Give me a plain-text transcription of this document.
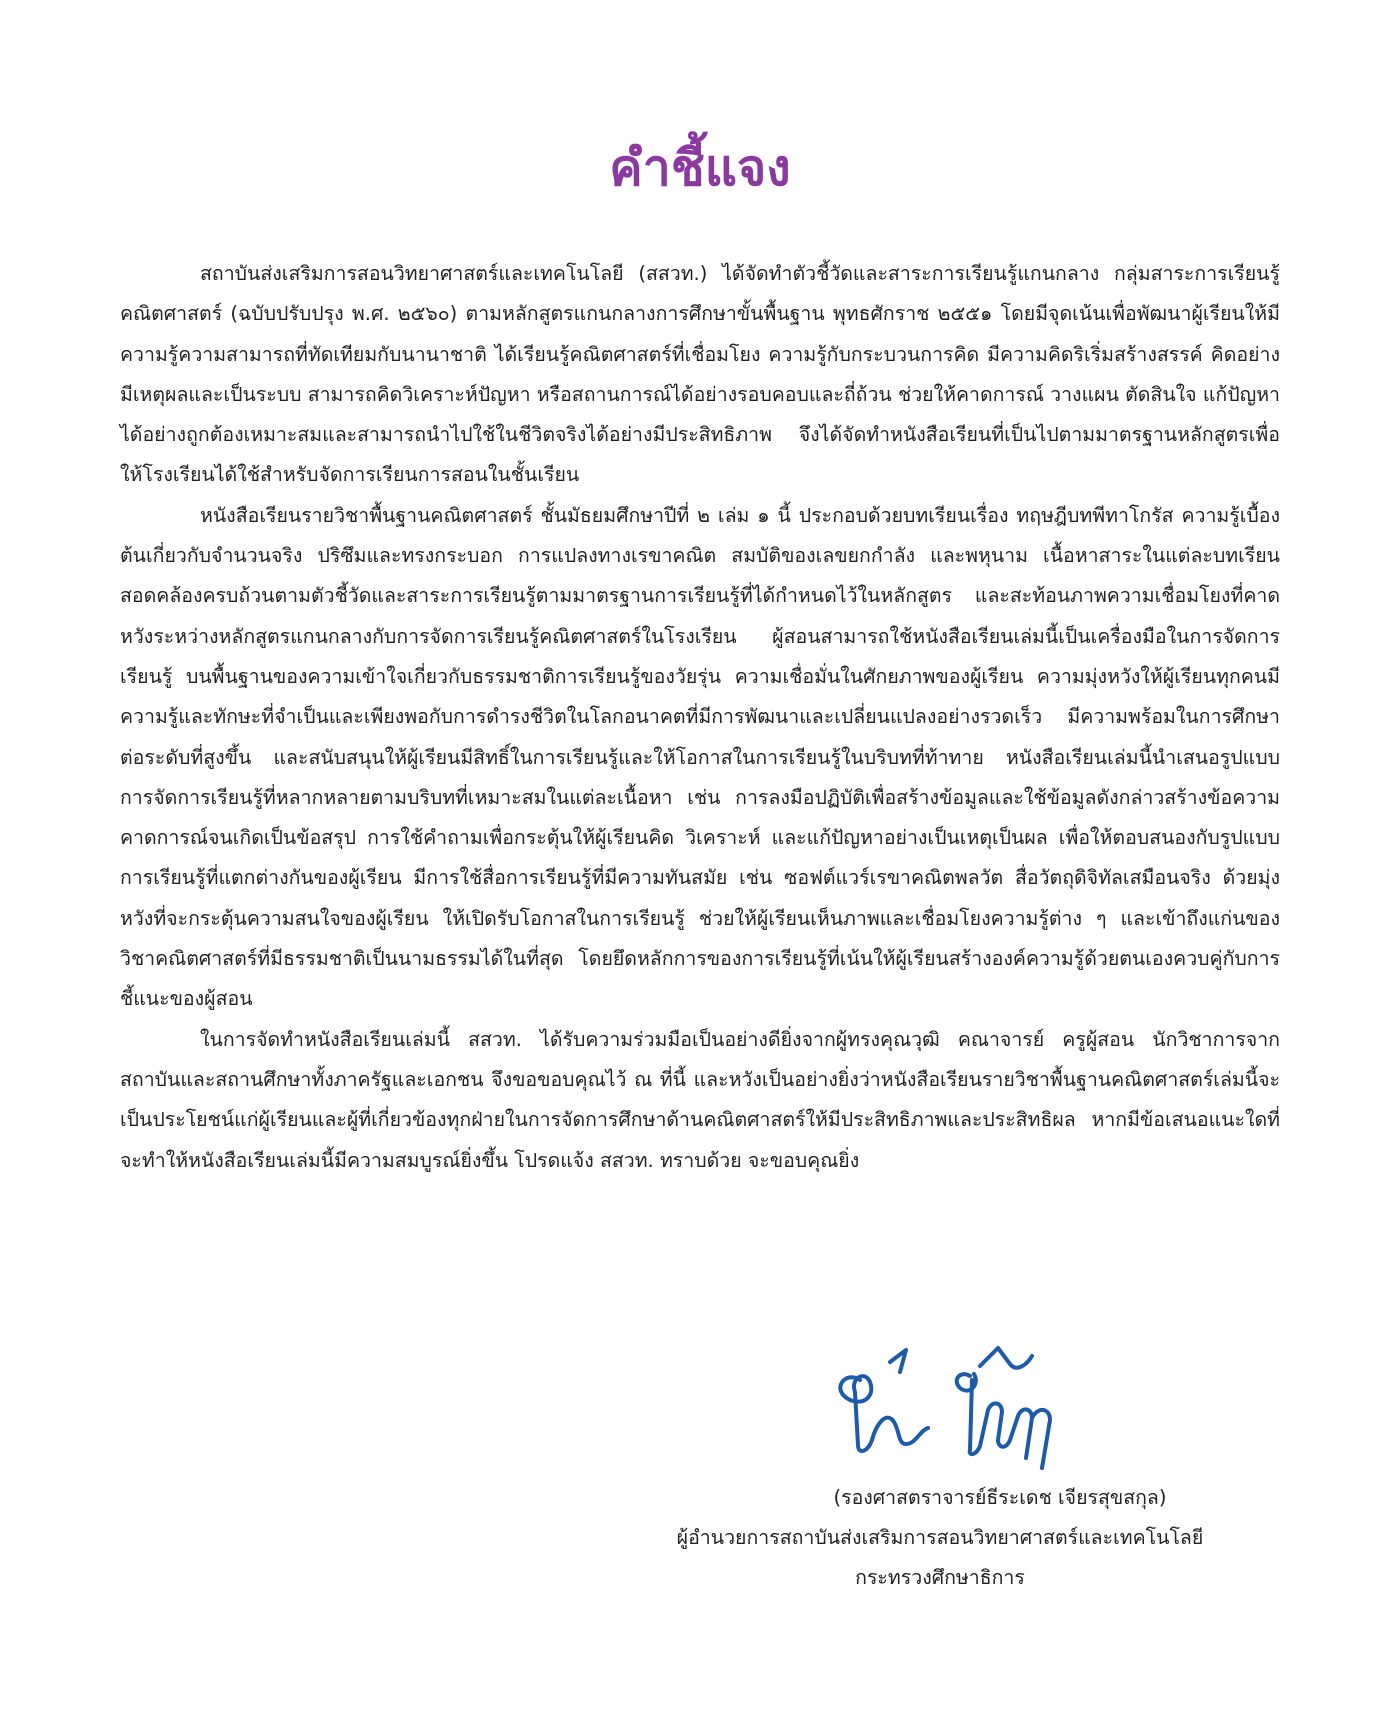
คำชี้แจง

สถาบันส่งเสริมการสอนวิทยาศาสตร์และเทคโนโลยี (สสวท.) ได้จัดทำตัวชี้วัดและสาระการเรียนรู้แกนกลาง กลุ่มสาระการเรียนรู้คณิตศาสตร์ (ฉบับปรับปรุง พ.ศ. ๒๕๖๐) ตามหลักสูตรแกนกลางการศึกษาขั้นพื้นฐาน พุทธศักราช ๒๕๕๑ โดยมีจุดเน้นเพื่อพัฒนาผู้เรียนให้มีความรู้ความสามารถที่ทัดเทียมกับนานาชาติ ได้เรียนรู้คณิตศาสตร์ที่เชื่อมโยง ความรู้กับกระบวนการคิด มีความคิดริเริ่มสร้างสรรค์ คิดอย่างมีเหตุผลและเป็นระบบ สามารถคิดวิเคราะห์ปัญหา หรือสถานการณ์ได้อย่างรอบคอบและถี่ถ้วน ช่วยให้คาดการณ์ วางแผน ตัดสินใจ แก้ปัญหา ได้อย่างถูกต้องเหมาะสมและสามารถนำไปใช้ในชีวิตจริงได้อย่างมีประสิทธิภาพ จึงได้จัดทำหนังสือเรียนที่เป็นไปตามมาตรฐานหลักสูตรเพื่อให้โรงเรียนได้ใช้สำหรับจัดการเรียนการสอนในชั้นเรียน

หนังสือเรียนรายวิชาพื้นฐานคณิตศาสตร์ ชั้นมัธยมศึกษาปีที่ ๒ เล่ม ๑ นี้ ประกอบด้วยบทเรียนเรื่อง ทฤษฎีบทพีทาโกรัส ความรู้เบื้องต้นเกี่ยวกับจำนวนจริง ปริซึมและทรงกระบอก การแปลงทางเรขาคณิต สมบัติของเลขยกกำลัง และพหุนาม เนื้อหาสาระในแต่ละบทเรียนสอดคล้องครบถ้วนตามตัวชี้วัดและสาระการเรียนรู้ตามมาตรฐานการเรียนรู้ที่ได้กำหนดไว้ในหลักสูตร และสะท้อนภาพความเชื่อมโยงที่คาดหวังระหว่างหลักสูตรแกนกลางกับการจัดการเรียนรู้คณิตศาสตร์ในโรงเรียน ผู้สอนสามารถใช้หนังสือเรียนเล่มนี้เป็นเครื่องมือในการจัดการเรียนรู้ บนพื้นฐานของความเข้าใจเกี่ยวกับธรรมชาติการเรียนรู้ของวัยรุ่น ความเชื่อมั่นในศักยภาพของผู้เรียน ความมุ่งหวังให้ผู้เรียนทุกคนมีความรู้และทักษะที่จำเป็นและเพียงพอกับการดำรงชีวิตในโลกอนาคตที่มีการพัฒนาและเปลี่ยนแปลงอย่างรวดเร็ว มีความพร้อมในการศึกษาต่อระดับที่สูงขึ้น และสนับสนุนให้ผู้เรียนมีสิทธิ์ในการเรียนรู้และให้โอกาสในการเรียนรู้ในบริบทที่ท้าทาย หนังสือเรียนเล่มนี้นำเสนอรูปแบบการจัดการเรียนรู้ที่หลากหลายตามบริบทที่เหมาะสมในแต่ละเนื้อหา เช่น การลงมือปฏิบัติเพื่อสร้างข้อมูลและใช้ข้อมูลดังกล่าวสร้างข้อความคาดการณ์จนเกิดเป็นข้อสรุป การใช้คำถามเพื่อกระตุ้นให้ผู้เรียนคิด วิเคราะห์ และแก้ปัญหาอย่างเป็นเหตุเป็นผล เพื่อให้ตอบสนองกับรูปแบบการเรียนรู้ที่แตกต่างกันของผู้เรียน มีการใช้สื่อการเรียนรู้ที่มีความทันสมัย เช่น ซอฟต์แวร์เรขาคณิตพลวัต สื่อวัตถุดิจิทัลเสมือนจริง ด้วยมุ่งหวังที่จะกระตุ้นความสนใจของผู้เรียน ให้เปิดรับโอกาสในการเรียนรู้ ช่วยให้ผู้เรียนเห็นภาพและเชื่อมโยงความรู้ต่าง ๆ และเข้าถึงแก่นของวิชาคณิตศาสตร์ที่มีธรรมชาติเป็นนามธรรมได้ในที่สุด โดยยึดหลักการของการเรียนรู้ที่เน้นให้ผู้เรียนสร้างองค์ความรู้ด้วยตนเองควบคู่กับการชี้แนะของผู้สอน

ในการจัดทำหนังสือเรียนเล่มนี้ สสวท. ได้รับความร่วมมือเป็นอย่างดียิ่งจากผู้ทรงคุณวุฒิ คณาจารย์ ครูผู้สอน นักวิชาการจากสถาบันและสถานศึกษาทั้งภาครัฐและเอกชน จึงขอขอบคุณไว้ ณ ที่นี้ และหวังเป็นอย่างยิ่งว่าหนังสือเรียนรายวิชาพื้นฐานคณิตศาสตร์เล่มนี้จะเป็นประโยชน์แก่ผู้เรียนและผู้ที่เกี่ยวข้องทุกฝ่ายในการจัดการศึกษาด้านคณิตศาสตร์ให้มีประสิทธิภาพและประสิทธิผล หากมีข้อเสนอแนะใดที่จะทำให้หนังสือเรียนเล่มนี้มีความสมบูรณ์ยิ่งขึ้น โปรดแจ้ง สสวท. ทราบด้วย จะขอบคุณยิ่ง

(รองศาสตราจารย์ธีระเดช เจียรสุขสกุล)
ผู้อำนวยการสถาบันส่งเสริมการสอนวิทยาศาสตร์และเทคโนโลยี
กระทรวงศึกษาธิการ
